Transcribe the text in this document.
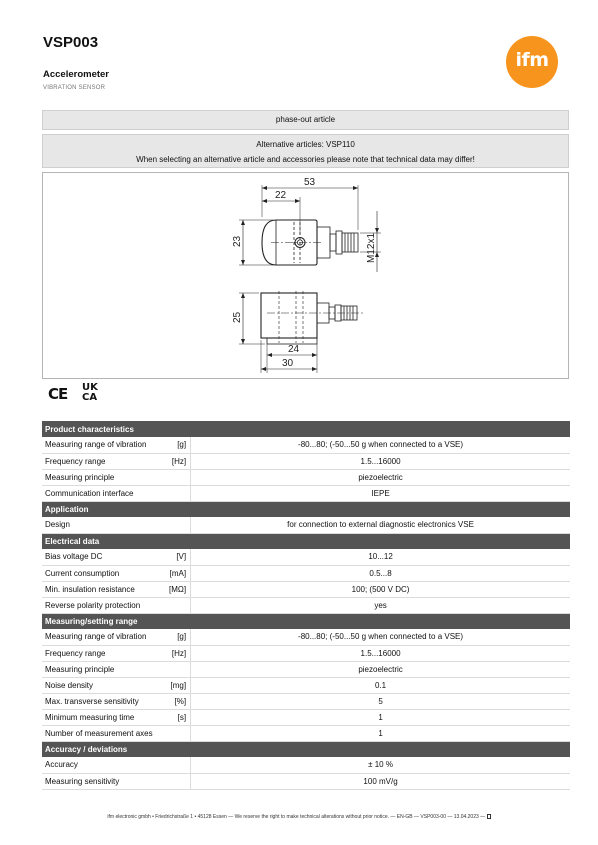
VSP003
Accelerometer
VIBRATION SENSOR
ifm
phase-out article
Alternative articles: VSP110
When selecting an alternative article and accessories please note that technical data may differ!
53
22
23	M12x1
25
24
30
CE UK
CA
Product characteristics		
Measuring range of vibration	[g]	-80...80; (-50...50 g when connected to a VSE)
Frequency range	[Hz]	1.5...16000
Measuring principle		piezoelectric
Communication interface		IEPE
Application		
Design		for connection to external diagnostic electronics VSE
Electrical data		
Bias voltage DC	[V]	10...12
Current consumption	[mA]	0.5...8
Min. insulation resistance	[MΩ]	100; (500 V DC)
Reverse polarity protection		yes
Measuring/setting range		
Measuring range of vibration	[g]	-80...80; (-50...50 g when connected to a VSE)
Frequency range	[Hz]	1.5...16000
Measuring principle		piezoelectric
Noise density	[mg]	0.1
Max. transverse sensitivity	[%]	5
Minimum measuring time	[s]	1
Number of measurement axes		1
Accuracy / deviations		
Accuracy		± 10 %
Measuring sensitivity		100 mV/g
ifm electronic gmbh • Friedrichstraße 1 • 45128 Essen — We reserve the right to make technical alterations without prior notice. — EN-GB — VSP003-00 — 13.04.2023 —
